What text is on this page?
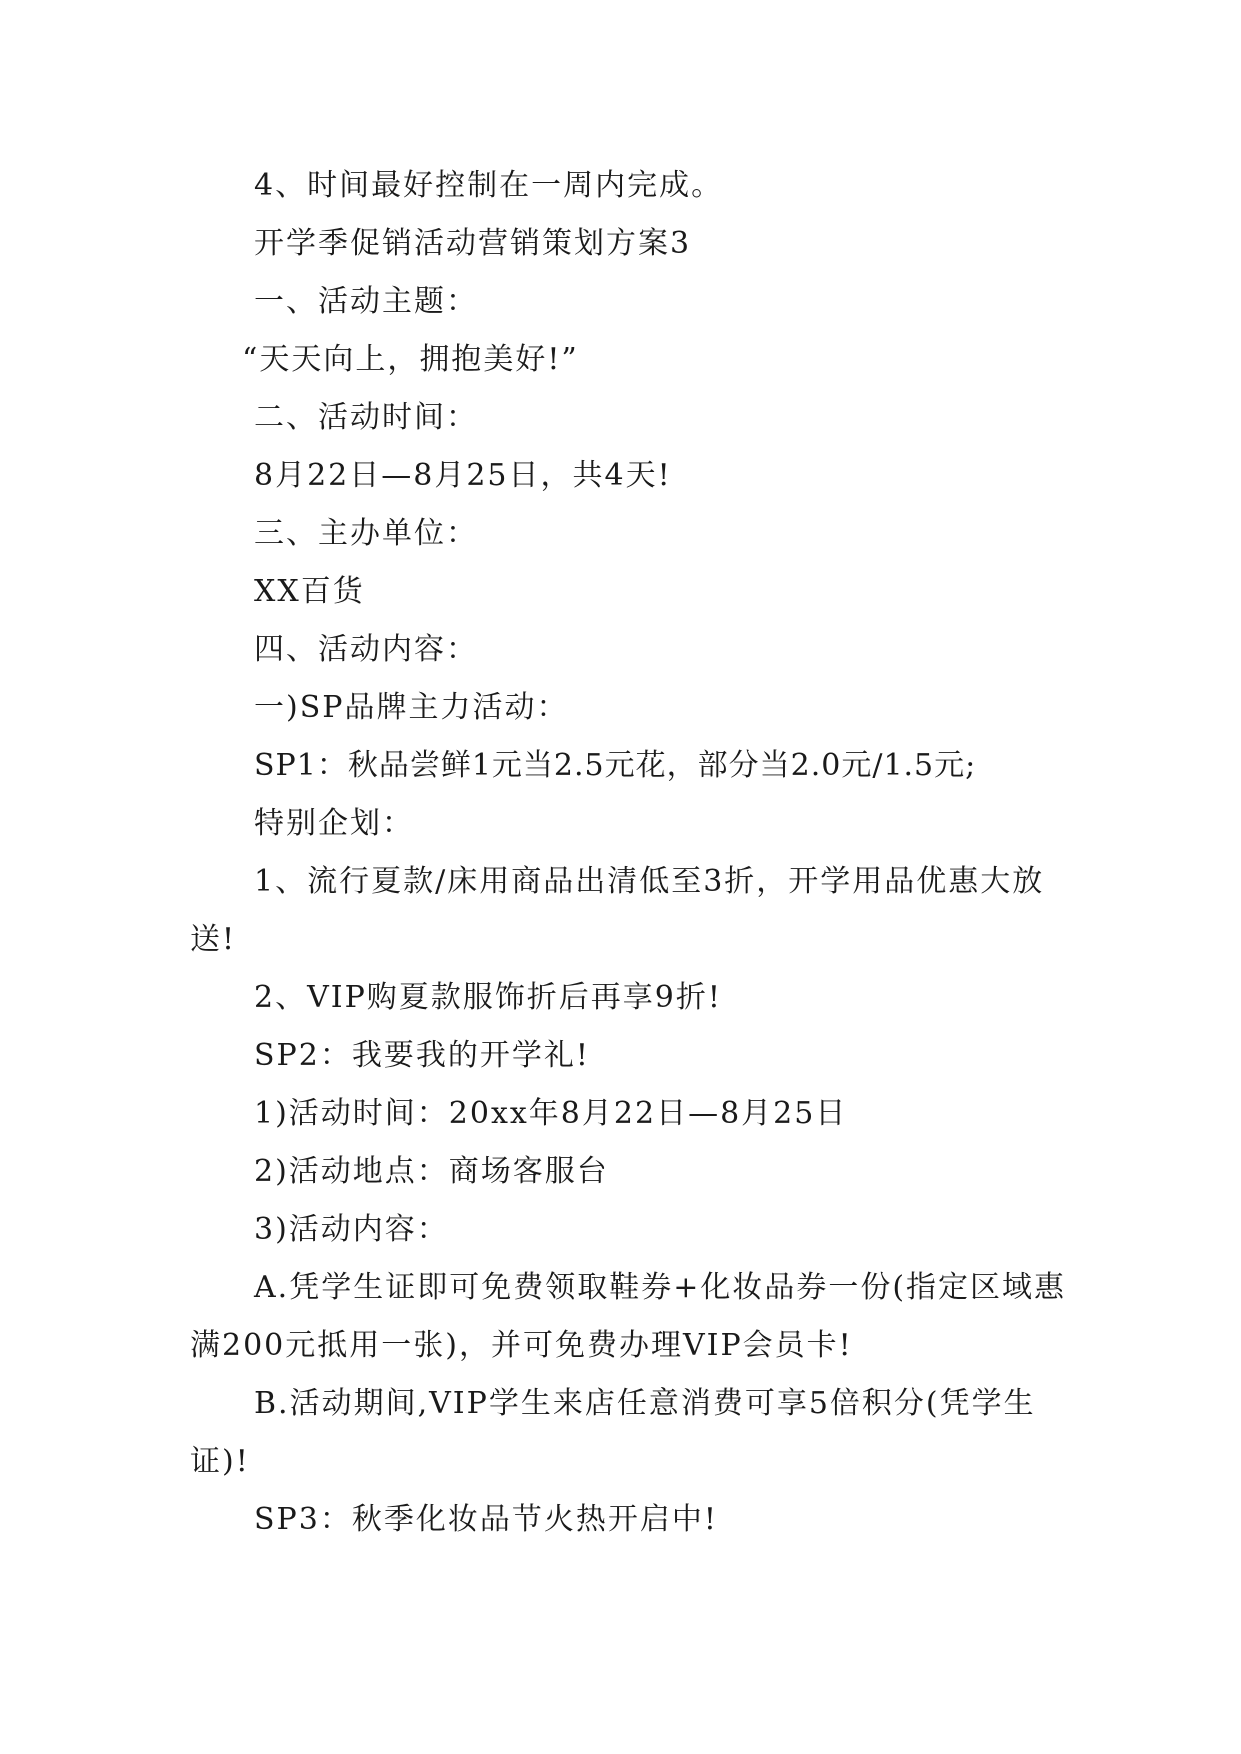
4、时间最好控制在一周内完成。

开学季促销活动营销策划方案3

一、活动主题：

“天天向上，拥抱美好!”

二、活动时间：

8月22日—8月25日，共4天!

三、主办单位：

XX百货

四、活动内容：

一)SP品牌主力活动：

SP1：秋品尝鲜1元当2.5元花，部分当2.0元/1.5元;

特别企划：

1、流行夏款/床用商品出清低至3折，开学用品优惠大放送!

2、VIP购夏款服饰折后再享9折!

SP2：我要我的开学礼!

1)活动时间：20xx年8月22日—8月25日

2)活动地点：商场客服台

3)活动内容：

A.凭学生证即可免费领取鞋券+化妆品券一份(指定区域惠满200元抵用一张)，并可免费办理VIP会员卡!

B.活动期间,VIP学生来店任意消费可享5倍积分(凭学生证)!

SP3：秋季化妆品节火热开启中!
